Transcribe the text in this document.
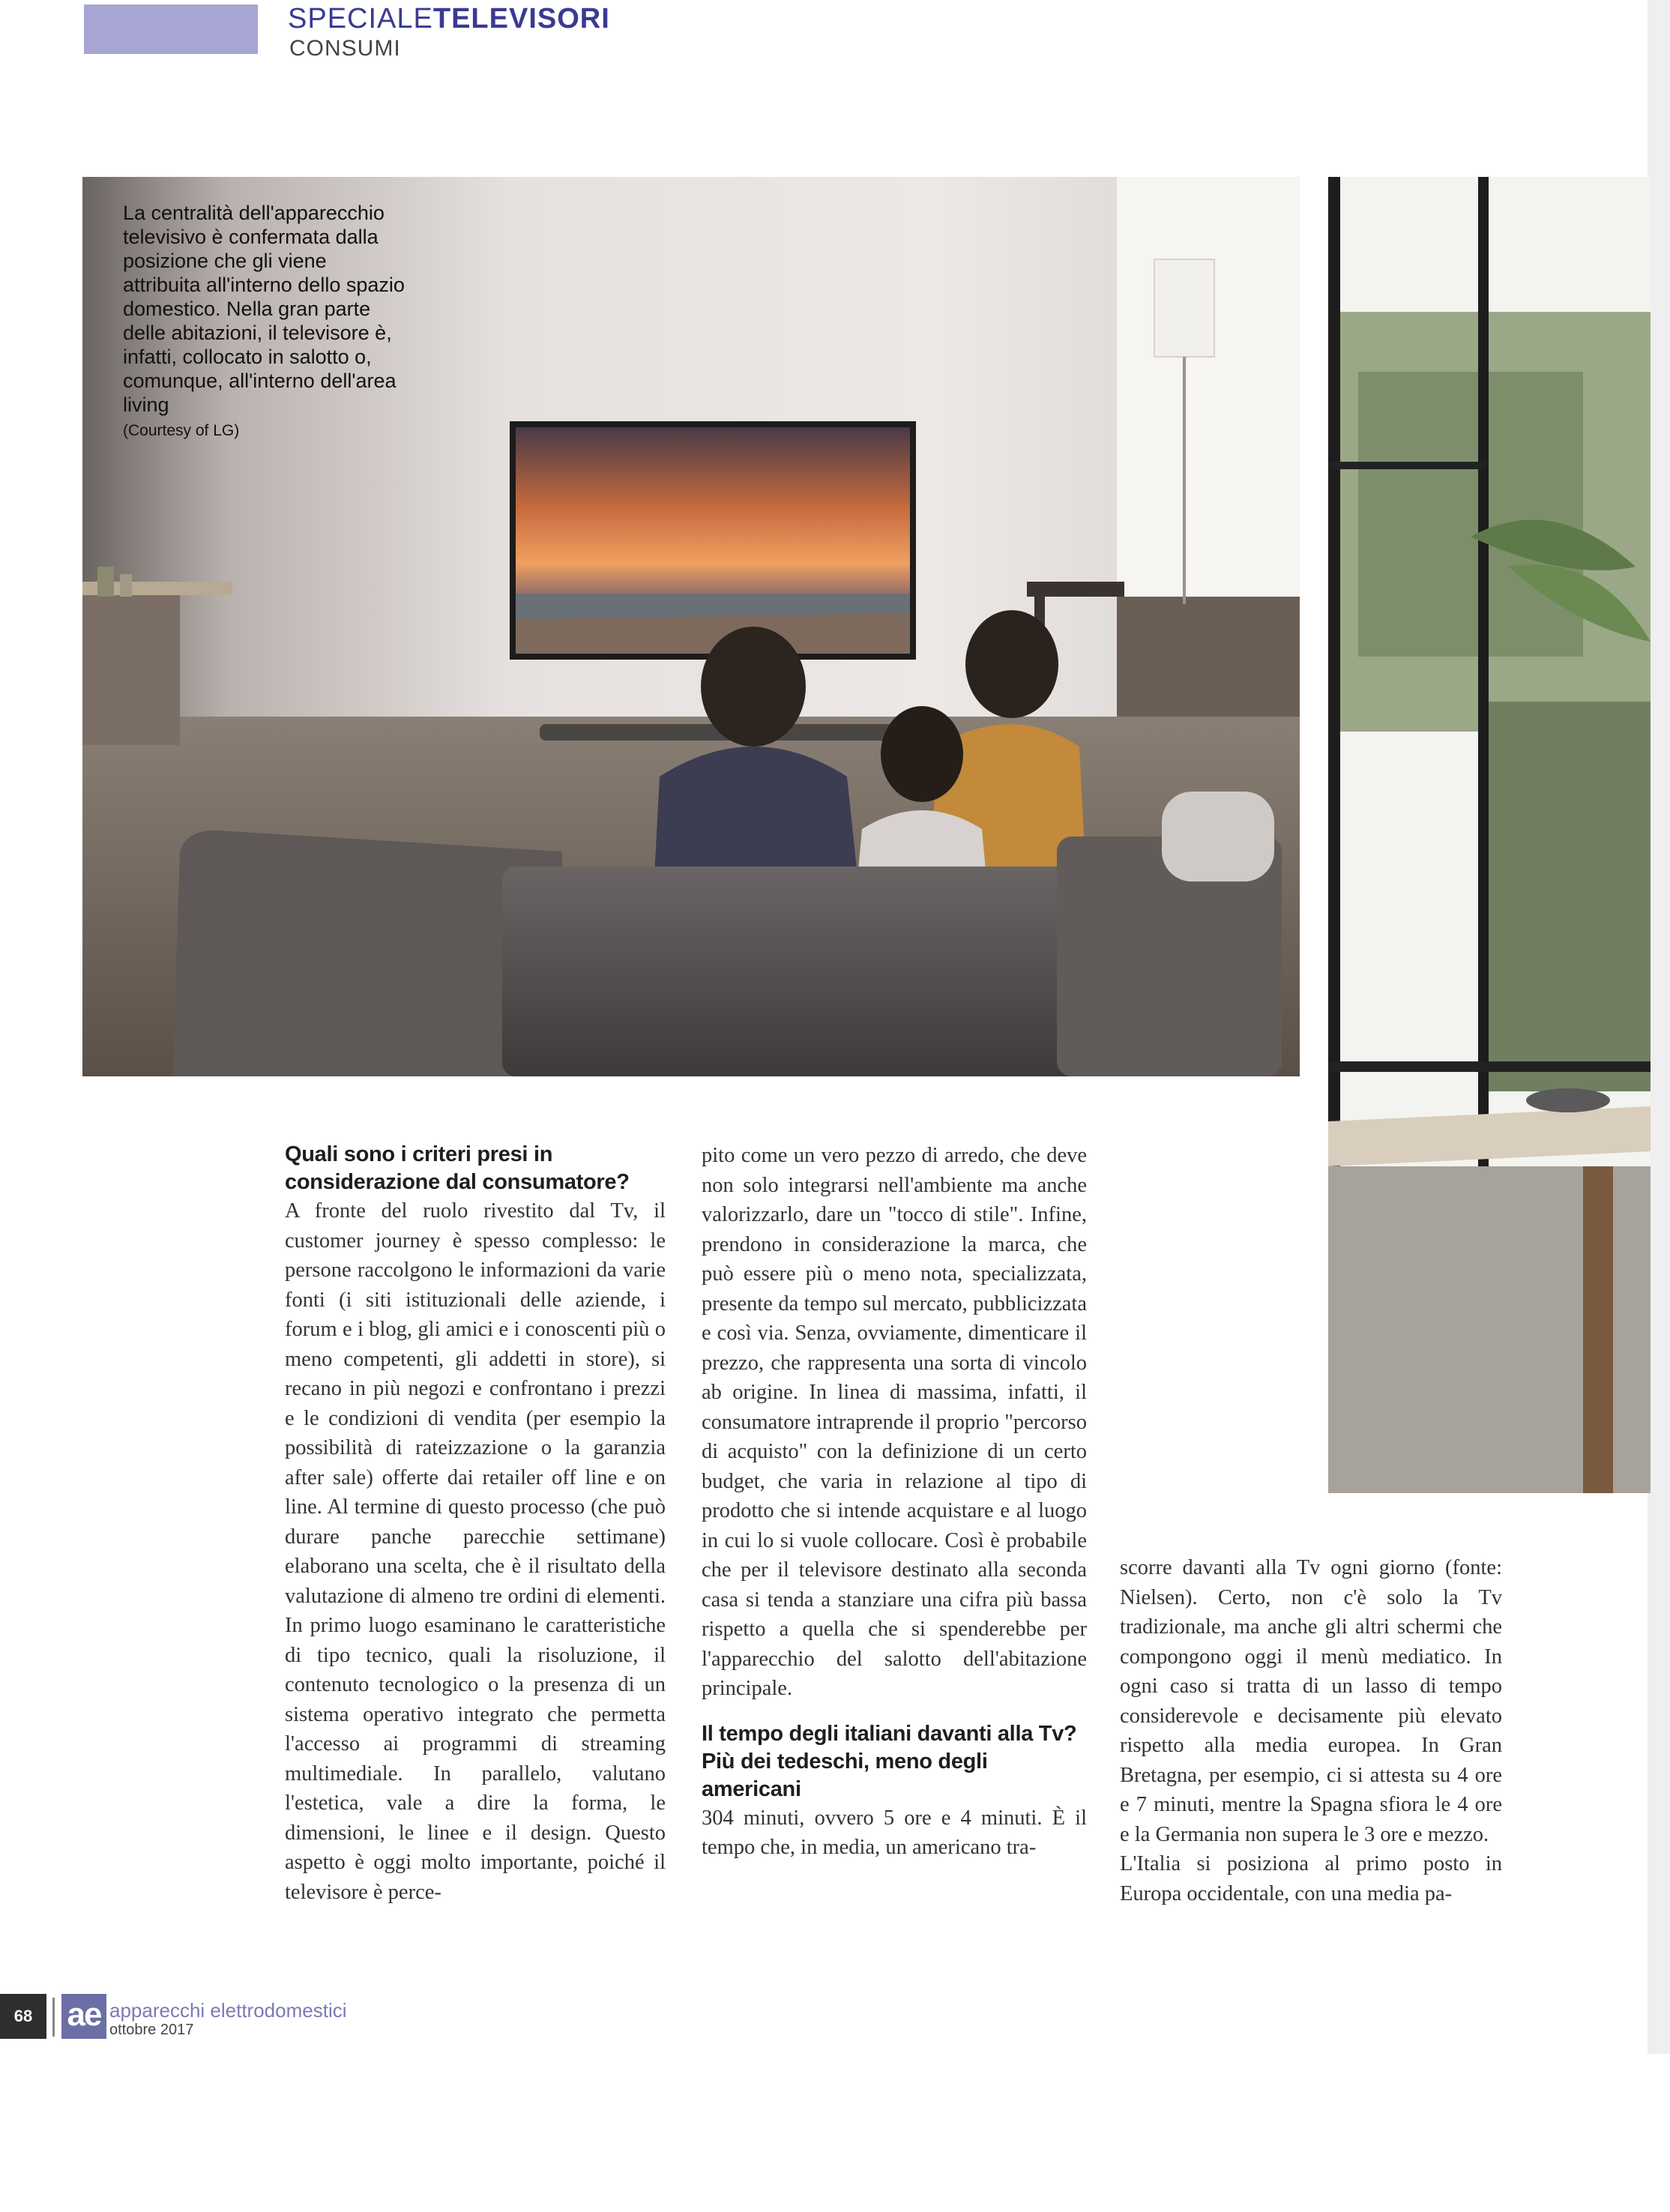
SPECIALETELEVISORI
CONSUMI
La centralità dell'apparecchio televisivo è confermata dalla posizione che gli viene attribuita all'interno dello spazio domestico. Nella gran parte delle abitazioni, il televisore è, infatti, collocato in salotto o, comunque, all'interno dell'area living
(Courtesy of LG)

Quali sono i criteri presi in considerazione dal consumatore?

A fronte del ruolo rivestito dal Tv, il customer journey è spesso complesso: le persone raccolgono le informazioni da varie fonti (i siti istituzionali delle aziende, i forum e i blog, gli amici e i conoscenti più o meno competenti, gli addetti in store), si recano in più negozi e confrontano i prezzi e le condizioni di vendita (per esempio la possibilità di rateizzazione o la garanzia after sale) offerte dai retailer off line e on line. Al termine di questo processo (che può durare panche parecchie settimane) elaborano una scelta, che è il risultato della valutazione di almeno tre ordini di elementi. In primo luogo esaminano le caratteristiche di tipo tecnico, quali la risoluzione, il contenuto tecnologico o la presenza di un sistema operativo integrato che permetta l'accesso ai programmi di streaming multimediale. In parallelo, valutano l'estetica, vale a dire la forma, le dimensioni, le linee e il design. Questo aspetto è oggi molto importante, poiché il televisore è perce-

pito come un vero pezzo di arredo, che deve non solo integrarsi nell'ambiente ma anche valorizzarlo, dare un "tocco di stile". Infine, prendono in considerazione la marca, che può essere più o meno nota, specializzata, presente da tempo sul mercato, pubblicizzata e così via. Senza, ovviamente, dimenticare il prezzo, che rappresenta una sorta di vincolo ab origine. In linea di massima, infatti, il consumatore intraprende il proprio "percorso di acquisto" con la definizione di un certo budget, che varia in relazione al tipo di prodotto che si intende acquistare e al luogo in cui lo si vuole collocare. Così è probabile che per il televisore destinato alla seconda casa si tenda a stanziare una cifra più bassa rispetto a quella che si spenderebbe per l'apparecchio del salotto dell'abitazione principale.

Il tempo degli italiani davanti alla Tv? Più dei tedeschi, meno degli americani

304 minuti, ovvero 5 ore e 4 minuti. È il tempo che, in media, un americano tra-

scorre davanti alla Tv ogni giorno (fonte: Nielsen). Certo, non c'è solo la Tv tradizionale, ma anche gli altri schermi che compongono oggi il menù mediatico. In ogni caso si tratta di un lasso di tempo considerevole e decisamente più elevato rispetto alla media europea. In Gran Bretagna, per esempio, ci si attesta su 4 ore e 7 minuti, mentre la Spagna sfiora le 4 ore e la Germania non supera le 3 ore e mezzo.

L'Italia si posiziona al primo posto in Europa occidentale, con una media pa-

68	ae apparecchi elettrodomestici
ottobre 2017
